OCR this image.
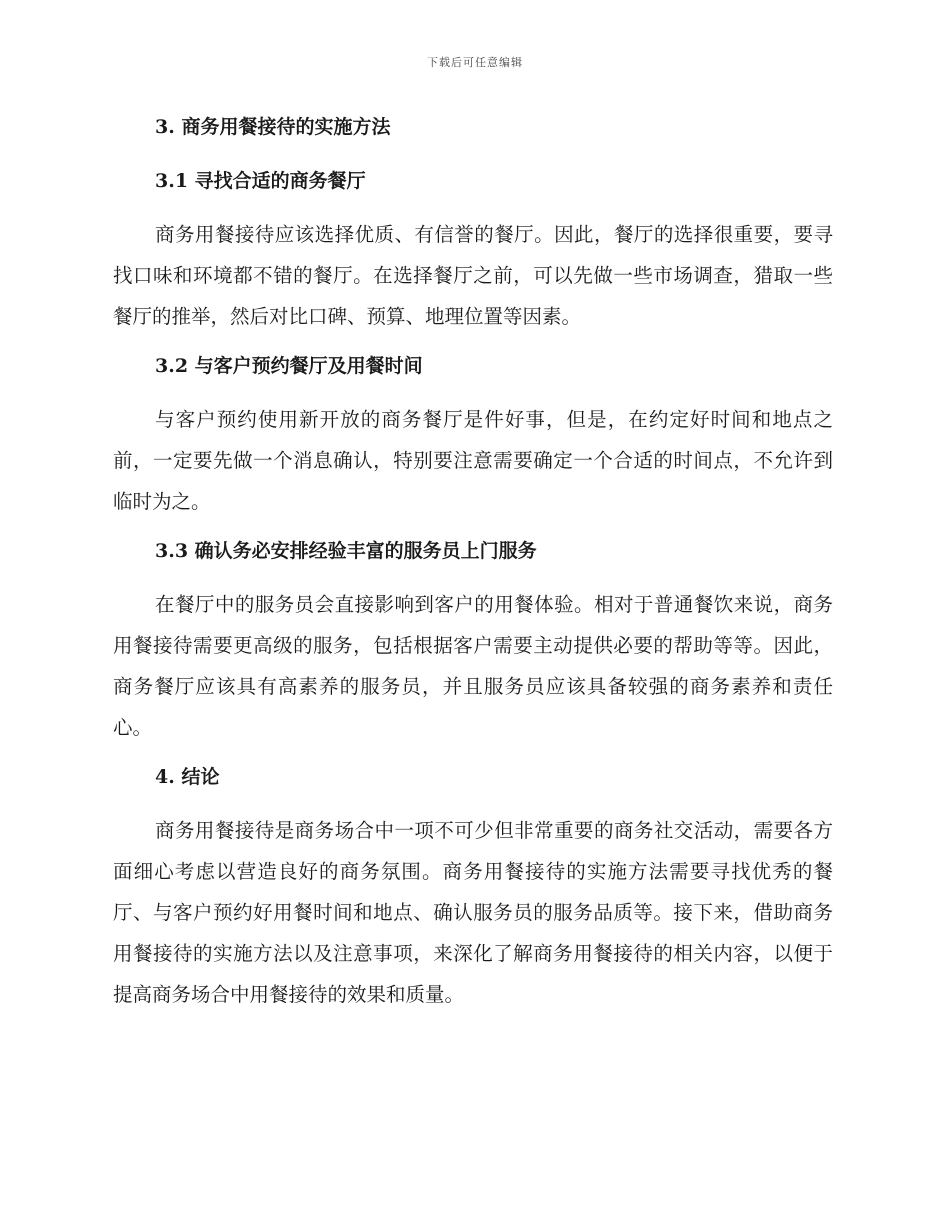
下载后可任意编辑
3. 商务用餐接待的实施方法
3.1 寻找合适的商务餐厅

商务用餐接待应该选择优质、有信誉的餐厅。因此，餐厅的选择很重要，要寻找口味和环境都不错的餐厅。在选择餐厅之前，可以先做一些市场调查，猎取一些餐厅的推举，然后对比口碑、预算、地理位置等因素。

3.2 与客户预约餐厅及用餐时间

与客户预约使用新开放的商务餐厅是件好事，但是，在约定好时间和地点之前，一定要先做一个消息确认，特别要注意需要确定一个合适的时间点，不允许到临时为之。

3.3 确认务必安排经验丰富的服务员上门服务

在餐厅中的服务员会直接影响到客户的用餐体验。相对于普通餐饮来说，商务用餐接待需要更高级的服务，包括根据客户需要主动提供必要的帮助等等。因此，商务餐厅应该具有高素养的服务员，并且服务员应该具备较强的商务素养和责任心。

4. 结论

商务用餐接待是商务场合中一项不可少但非常重要的商务社交活动，需要各方面细心考虑以营造良好的商务氛围。商务用餐接待的实施方法需要寻找优秀的餐厅、与客户预约好用餐时间和地点、确认服务员的服务品质等。接下来，借助商务用餐接待的实施方法以及注意事项，来深化了解商务用餐接待的相关内容，以便于提高商务场合中用餐接待的效果和质量。
